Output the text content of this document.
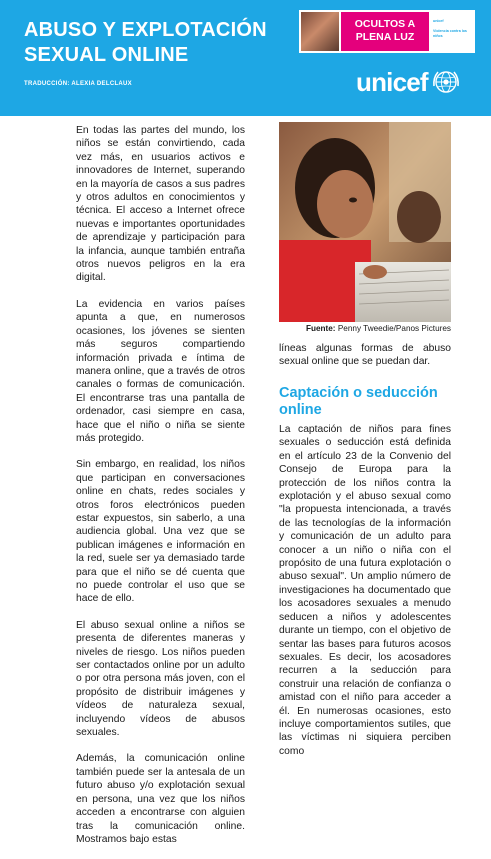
ABUSO Y EXPLOTACIÓN SEXUAL ONLINE
TRADUCCIÓN: ALEXIA DELCLAUX
OCULTOS A
PLENA LUZ
unicef

Violencia contra los niños
unicef

En todas las partes del mundo, los niños se están convirtiendo, cada vez más, en usuarios activos e innovadores de Internet, superando en la mayoría de casos a sus padres y otros adultos en conocimientos y técnica. El acceso a Internet ofrece nuevas e importantes oportunidades de aprendizaje y participación para la infancia, aunque también entraña otros nuevos peligros en la era digital.

La evidencia en varios países apunta a que, en numerosos ocasiones, los jóvenes se sienten más seguros compartiendo información privada e íntima de manera online, que a través de otros canales o formas de comunicación. El encontrarse tras una pantalla de ordenador, casi siempre en casa, hace que el niño o niña se siente más protegido.

Sin embargo, en realidad, los niños que participan en conversaciones online en chats, redes sociales y otros foros electrónicos pueden estar expuestos, sin saberlo, a una audiencia global. Una vez que se publican imágenes e información en la red, suele ser ya demasiado tarde para que el niño se dé cuenta que no puede controlar el uso que se hace de ello.

El abuso sexual online a niños se presenta de diferentes maneras y niveles de riesgo. Los niños pueden ser contactados online por un adulto o por otra persona más joven, con el propósito de distribuir imágenes y vídeos de naturaleza sexual, incluyendo vídeos de abusos sexuales.

Además, la comunicación online también puede ser la antesala de un futuro abuso y/o explotación sexual en persona, una vez que los niños acceden a encontrarse con alguien tras la comunicación online. Mostramos bajo estas

Fuente: Penny Tweedie/Panos Pictures

líneas algunas formas de abuso sexual online que se puedan dar.

Captación o seducción online

La captación de niños para fines sexuales o seducción está definida en el artículo 23 de la Convenio del Consejo de Europa para la protección de los niños contra la explotación y el abuso sexual como "la propuesta intencionada, a través de las tecnologías de la información y comunicación de un adulto para conocer a un niño o niña con el propósito de una futura explotación o abuso sexual". Un amplio número de investigaciones ha documentado que los acosadores sexuales a menudo seducen a niños y adolescentes durante un tiempo, con el objetivo de sentar las bases para futuros acosos sexuales. Es decir, los acosadores recurren a la seducción para construir una relación de confianza o amistad con el niño para acceder a él. En numerosas ocasiones, esto incluye comportamientos sutiles, que las víctimas ni siquiera perciben como
